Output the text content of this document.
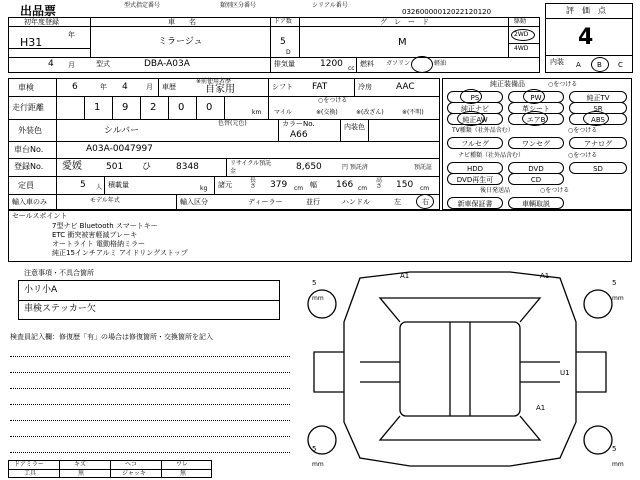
出品票	型式指定番号	類別区分番号	シリアル番号
03260000012022120120
初年度登録
H31
年
4 月
車　　名
ミラージュ
ドア数
5
D
グ　レ　ー　ド
M
駆動
2WD
4WD
型式	DBA-A03A	排気量	1200 cc
燃料 ガソリン	軽油
評　価　点
4
内装 A B C
車検	6	年 4	月 車歴
※前使用者歴
自家用	シフト FAT	冷房	AAC
走行距離	1 9 2 0 0	km
○をつける
マイル	※(交換)	※(改ざん)	※(不明)
外装色	シルバー
色替(元色)	カラーNo.
A66
内装色
車台No.	A03A-0047997
登録No. 愛媛	501 ひ	8348	リサイクル預託金	8,650	円 預託済	預託証
定員	5 人 積載量	kg 諸元
長さ 379 cm 幅 166 cm
高さ 150 cm
輸入車のみ	モデル年式	輸入区分	ディーラー	並行	ハンドル	左	右
純正装備品	○をつける
PS	PW	純正TV
純正ナビ	革シート	SR
純正AW	エアB	ABS
TV種類（社外品含む）	○をつける
フルセグ	ワンセグ	アナログ
ナビ種類（社外品含む）	○をつける
HDD	DVD	SD
DVD再生可	CD
後日発送品	○をつける
新車保証書	車輌取説
セールスポイント
7型ナビ Bluetooth スマートキー
ETC 衝突被害軽減ブレーキ
オートライト 電動格納ミラー
純正15インチアルミ アイドリングストップ
注意事項・不具合箇所
小リ小A
車検ステッカー欠
検査員記入欄：修復歴「有」の場合は修復箇所・交換箇所を記入
ドアミラー	キズ	ヘコ	ワレ
工具	無	ジャッキ	無
A1	A1
U1
A1
5
mm
5
mm
5
mm
5
mm
